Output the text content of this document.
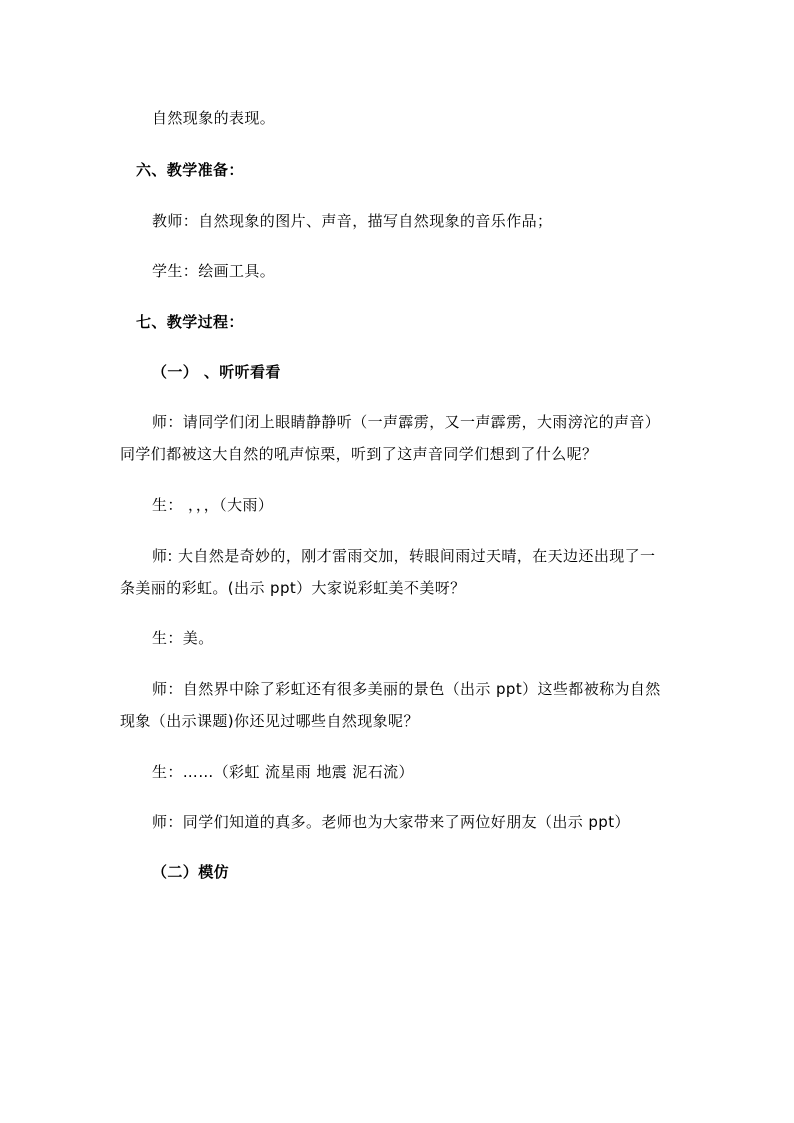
自然现象的表现。
六、教学准备：
教师：自然现象的图片、声音，描写自然现象的音乐作品；
学生：绘画工具。
七、教学过程：
（一） 、听听看看
师：请同学们闭上眼睛静静听（一声霹雳，又一声霹雳，大雨滂沱的声音）
同学们都被这大自然的吼声惊栗，听到了这声音同学们想到了什么呢？
生： ，，，（大雨）
师: 大自然是奇妙的，刚才雷雨交加，转眼间雨过天晴，在天边还出现了一
条美丽的彩虹。(出示 ppt）大家说彩虹美不美呀？
生：美。
师：自然界中除了彩虹还有很多美丽的景色（出示 ppt）这些都被称为自然
现象（出示课题)你还见过哪些自然现象呢？
生：……（彩虹 流星雨 地震 泥石流）
师：同学们知道的真多。老师也为大家带来了两位好朋友（出示 ppt）
（二）模仿
